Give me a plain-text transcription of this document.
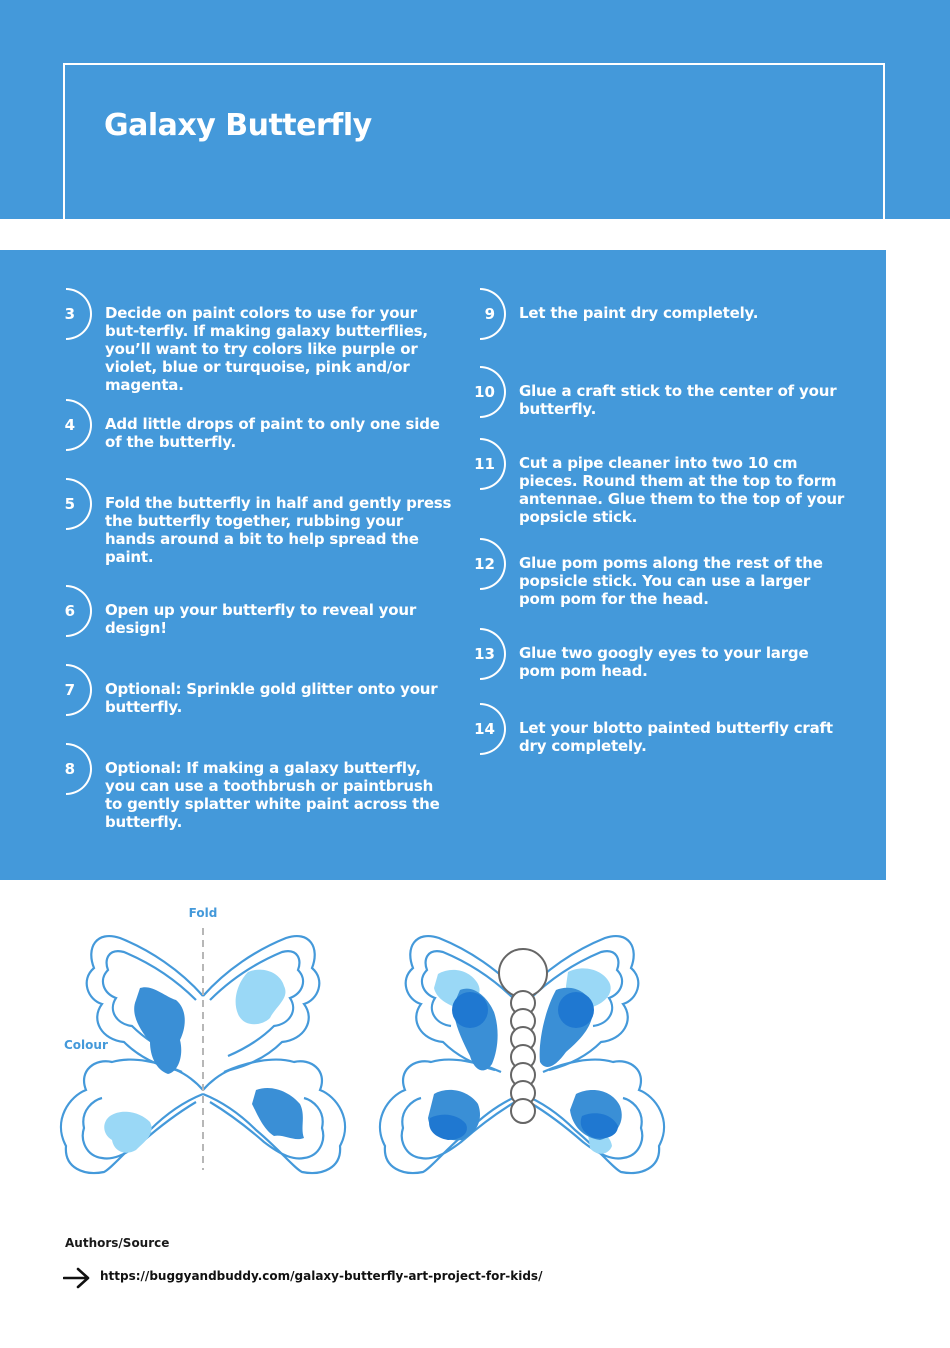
Galaxy Butterfly
3 Decide on paint colors to use for your but-terfly. If making galaxy butterflies, you’ll want to try colors like purple or violet, blue or turquoise, pink and/or magenta.

4 Add little drops of paint to only one side of the butterfly.

5 Fold the butterfly in half and gently press the butterfly together, rubbing your hands around a bit to help spread the paint.

6 Open up your butterfly to reveal your design!

7 Optional: Sprinkle gold glitter onto your butterfly.

8 Optional: If making a galaxy butterfly, you can use a toothbrush or paintbrush to gently splatter white paint across the butterfly.

9 Let the paint dry completely.

10 Glue a craft stick to the center of your butterfly.

11 Cut a pipe cleaner into two 10 cm pieces. Round them at the top to form antennae. Glue them to the top of your popsicle stick.

12 Glue pom poms along the rest of the popsicle stick. You can use a larger pom pom for the head.

13 Glue two googly eyes to your large pom pom head.

14 Let your blotto painted butterfly craft dry completely.

Fold
Colour

Authors/Source

https://buggyandbuddy.com/galaxy-butterfly-art-project-for-kids/
